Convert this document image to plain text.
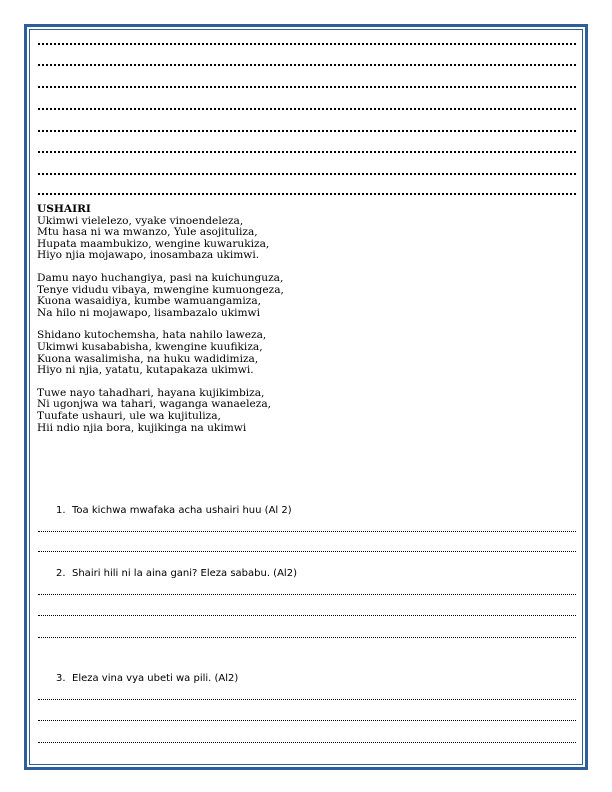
USHAIRI
Ukimwi vielelezo, vyake vinoendeleza,
Mtu hasa ni wa mwanzo, Yule asojituliza,
Hupata maambukizo, wengine kuwarukiza,
Hiyo njia mojawapo, inosambaza ukimwi.
Damu nayo huchangiya, pasi na kuichunguza,
Tenye vidudu vibaya, mwengine kumuongeza,
Kuona wasaidiya, kumbe wamuangamiza,
Na hilo ni mojawapo, lisambazalo ukimwi
Shidano kutochemsha, hata nahilo laweza,
Ukimwi kusababisha, kwengine kuufikiza,
Kuona wasalimisha, na huku wadidimiza,
Hiyo ni njia, yatatu, kutapakaza ukimwi.
Tuwe nayo tahadhari, hayana kujikimbiza,
Ni ugonjwa wa tahari, waganga wanaeleza,
Tuufate ushauri, ule wa kujituliza,
Hii ndio njia bora, kujikinga na ukimwi
1. Toa kichwa mwafaka acha ushairi huu (Al 2)
2. Shairi hili ni la aina gani? Eleza sababu. (Al2)
3. Eleza vina vya ubeti wa pili. (Al2)
